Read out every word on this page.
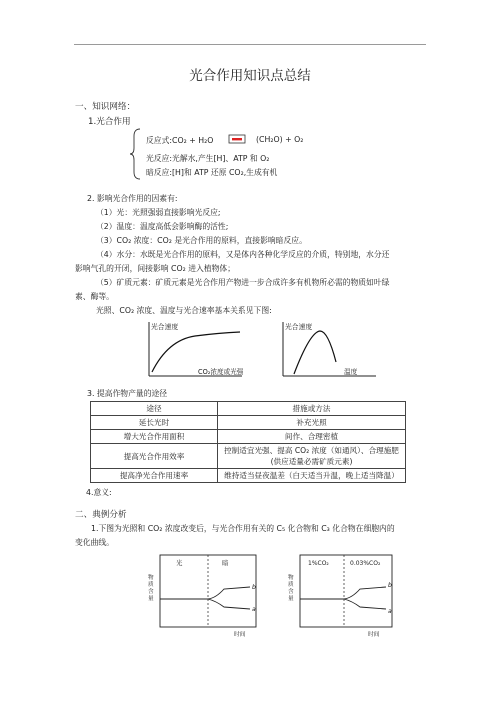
光合作用知识点总结
一、知识网络：
1.光合作用
反应式:CO₂ + H₂O	(CH₂O) + O₂
光反应:光解水,产生[H]、ATP 和 O₂
暗反应:[H]和 ATP 还原 CO₂,生成有机
2. 影响光合作用的因素有:
（1）光：光照强弱直接影响光反应;
（2）温度：温度高低会影响酶的活性;
（3）CO₂ 浓度：CO₂ 是光合作用的原料，直接影响暗反应。
（4）水分：水既是光合作用的原料，又是体内各种化学反应的介质，特别地，水分还
影响气孔的开闭，间接影响 CO₂ 进入植物体；
（5）矿质元素：矿质元素是光合作用产物进一步合成许多有机物所必需的物质如叶绿
素、酶等。
光照、CO₂ 浓度、温度与光合速率基本关系见下图:
光合速度
CO₂浓度或光强
光合速度
温度
3. 提高作物产量的途径
途径	措施或方法
延长光时	补充光照
增大光合作用面积	间作、合理密植
提高光合作用效率	控制适宜光强、提高 CO₂ 浓度（如通风）、合理施肥
(供应适量必需矿质元素)

提高净光合作用速率	维持适当昼夜温差（白天适当升温，晚上适当降温）
4.意义:
二、典例分析
1.下图为光照和 CO₂ 浓度改变后，与光合作用有关的 C₅ 化合物和 C₃ 化合物在细胞内的
变化曲线。
物 质 含 量
光	暗
b
a
时间
物 质 含 量
1%CO₂	0.03%CO₂
b
a
时间
